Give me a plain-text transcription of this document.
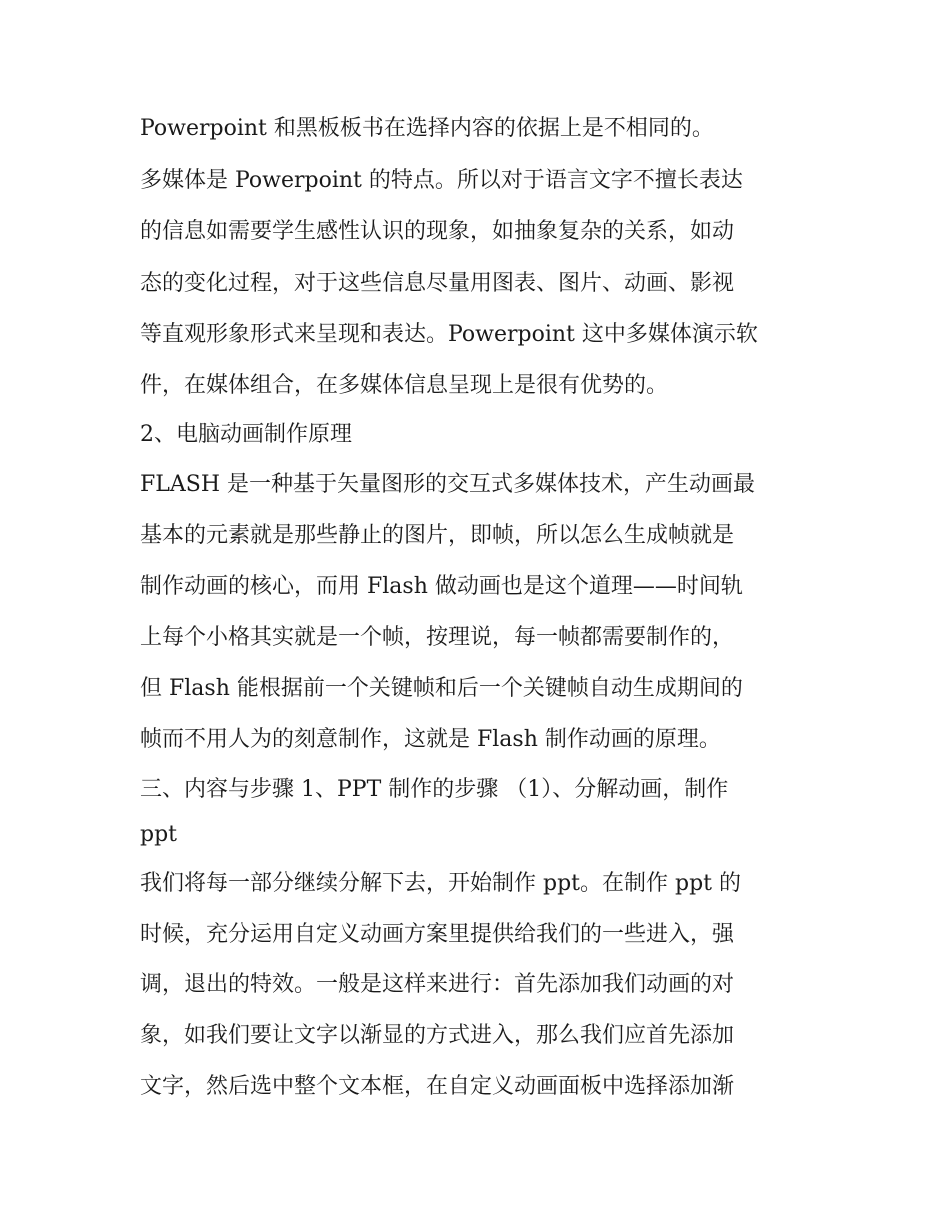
Powerpoint 和黑板板书在选择内容的依据上是不相同的。
多媒体是 Powerpoint 的特点。所以对于语言文字不擅长表达
的信息如需要学生感性认识的现象，如抽象复杂的关系，如动
态的变化过程，对于这些信息尽量用图表、图片、动画、影视
等直观形象形式来呈现和表达。Powerpoint 这中多媒体演示软
件，在媒体组合，在多媒体信息呈现上是很有优势的。
2、电脑动画制作原理
FLASH 是一种基于矢量图形的交互式多媒体技术，产生动画最
基本的元素就是那些静止的图片，即帧，所以怎么生成帧就是
制作动画的核心，而用 Flash 做动画也是这个道理——时间轨
上每个小格其实就是一个帧，按理说，每一帧都需要制作的，
但 Flash 能根据前一个关键帧和后一个关键帧自动生成期间的
帧而不用人为的刻意制作，这就是 Flash 制作动画的原理。
三、内容与步骤 1、PPT 制作的步骤 （1）、分解动画，制作
ppt
我们将每一部分继续分解下去，开始制作 ppt。在制作 ppt 的
时候，充分运用自定义动画方案里提供给我们的一些进入，强
调，退出的特效。一般是这样来进行：首先添加我们动画的对
象，如我们要让文字以渐显的方式进入，那么我们应首先添加
文字，然后选中整个文本框，在自定义动画面板中选择添加渐
